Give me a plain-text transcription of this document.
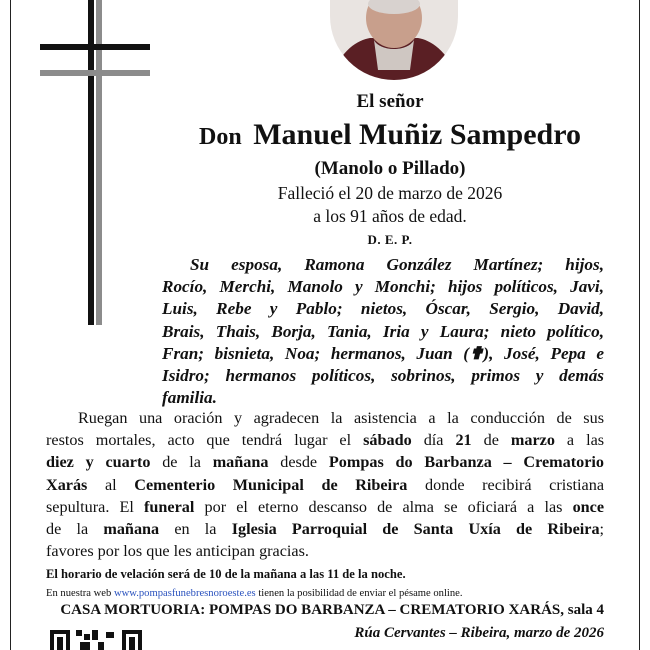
El señor
Don Manuel Muñiz Sampedro
(Manolo o Pillado)
Falleció el 20 de marzo de 2026
a los 91 años de edad.
D. E. P.
Su esposa, Ramona González Martínez; hijos,
Rocío, Merchi, Manolo y Monchi; hijos políticos, Javi,
Luis, Rebe y Pablo; nietos, Óscar, Sergio, David,
Brais, Thais, Borja, Tania, Iria y Laura; nieto político,
Fran; bisnieta, Noa; hermanos, Juan (✟), José, Pepa e
Isidro; hermanos políticos, sobrinos, primos y demás
familia.
Ruegan una oración y agradecen la asistencia a la conducción de sus
restos mortales, acto que tendrá lugar el sábado día 21 de marzo a las
diez y cuarto de la mañana desde Pompas do Barbanza – Crematorio
Xarás al Cementerio Municipal de Ribeira donde recibirá cristiana
sepultura. El funeral por el eterno descanso de alma se oficiará a las once
de la mañana en la Iglesia Parroquial de Santa Uxía de Ribeira;
favores por los que les anticipan gracias.
El horario de velación será de 10 de la mañana a las 11 de la noche.
En nuestra web www.pompasfunebresnoroeste.es tienen la posibilidad de enviar el pésame online.
CASA MORTUORIA: POMPAS DO BARBANZA – CREMATORIO XARÁS, sala 4
Rúa Cervantes – Ribeira, marzo de 2026
